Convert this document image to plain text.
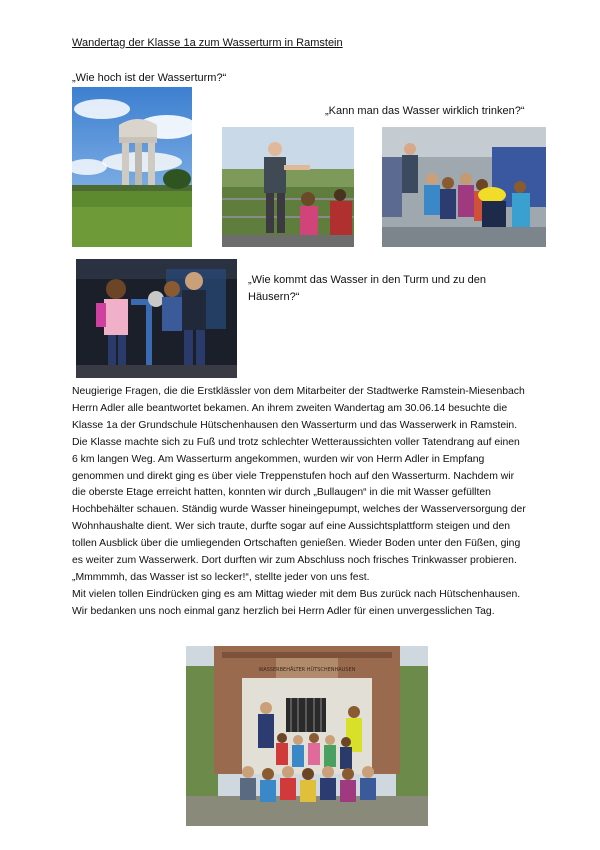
Wandertag der Klasse 1a zum Wasserturm in Ramstein
„Wie hoch ist der Wasserturm?“
„Kann man das Wasser wirklich trinken?“
„Wie kommt das Wasser in den Turm und zu den Häusern?“

Neugierige Fragen, die die Erstklässler von dem Mitarbeiter der Stadtwerke Ramstein-Miesenbach Herrn Adler alle beantwortet bekamen. An ihrem zweiten Wandertag am 30.06.14 besuchte die Klasse 1a der Grundschule Hütschenhausen den Wasserturm und das Wasserwerk in Ramstein. Die Klasse machte sich zu Fuß und trotz schlechter Wetteraussichten voller Tatendrang auf einen 6 km langen Weg. Am Wasserturm angekommen, wurden wir von Herrn Adler in Empfang genommen und direkt ging es über viele Treppenstufen hoch auf den Wasserturm. Nachdem wir die oberste Etage erreicht hatten, konnten wir durch „Bullaugen“ in die mit Wasser gefüllten Hochbehälter schauen. Ständig wurde Wasser hineingepumpt, welches der Wasserversorgung der Wohnhaushalte dient. Wer sich traute, durfte sogar auf eine Aussichtsplattform steigen und den tollen Ausblick über die umliegenden Ortschaften genießen. Wieder Boden unter den Füßen, ging es weiter zum Wasserwerk. Dort durften wir zum Abschluss noch frisches Trinkwasser probieren. „Mmmmmh, das Wasser ist so lecker!“, stellte jeder von uns fest.

Mit vielen tollen Eindrücken ging es am Mittag wieder mit dem Bus zurück nach Hütschenhausen. Wir bedanken uns noch einmal ganz herzlich bei Herrn Adler für einen unvergesslichen Tag.

WASSERBEHÄLTER HÜTSCHENHAUSEN
